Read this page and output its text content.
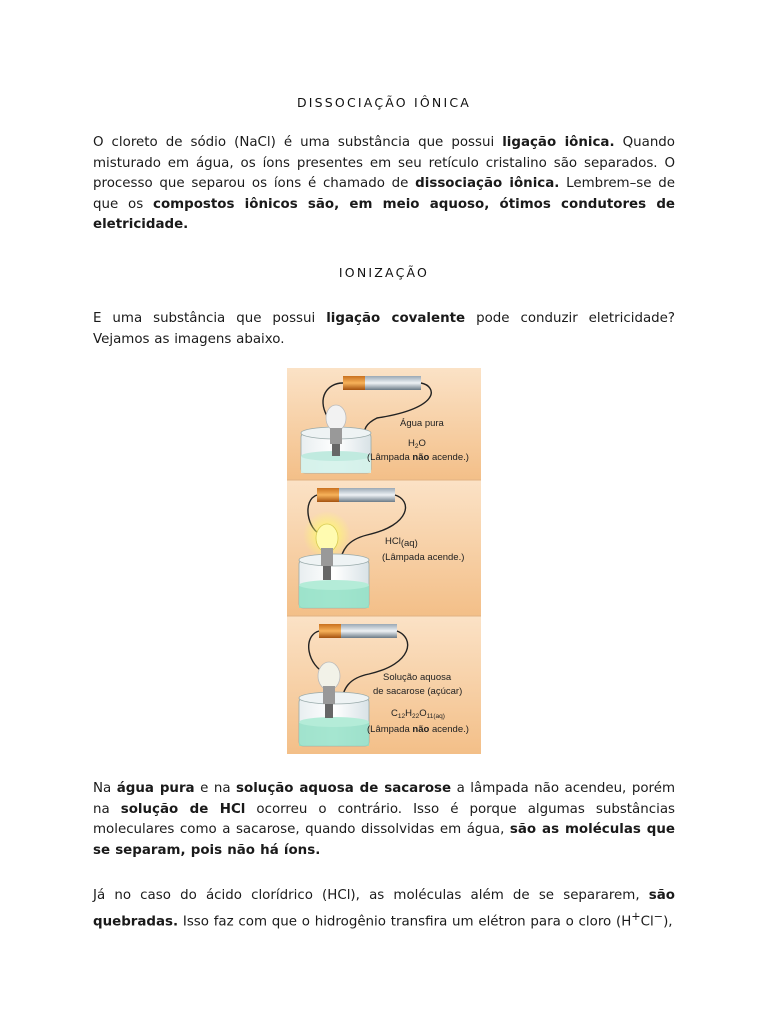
DISSOCIAÇÃO IÔNICA
O cloreto de sódio (NaCl) é uma substância que possui ligação iônica. Quando misturado em água, os íons presentes em seu retículo cristalino são separados. O processo que separou os íons é chamado de dissociação iônica. Lembrem–se de que os compostos iônicos são, em meio aquoso, ótimos condutores de eletricidade.
IONIZAÇÃO
E uma substância que possui ligação covalente pode conduzir eletricidade? Vejamos as imagens abaixo.
Água pura
$H_2O$
(Lâmpada não acende.)
HCl(aq)
(Lâmpada acende.)
Solução aquosa
de sacarose (açúcar)
$C_{12}H_{22}O_{11(aq)}$
(Lâmpada não acende.)
Na água pura e na solução aquosa de sacarose a lâmpada não acendeu, porém na solução de HCl ocorreu o contrário. Isso é porque algumas substâncias moleculares como a sacarose, quando dissolvidas em água, são as moléculas que se separam, pois não há íons.
Já no caso do ácido clorídrico (HCl), as moléculas além de se separarem, são quebradas. Isso faz com que o hidrogênio transfira um elétron para o cloro (H+Cl−),
